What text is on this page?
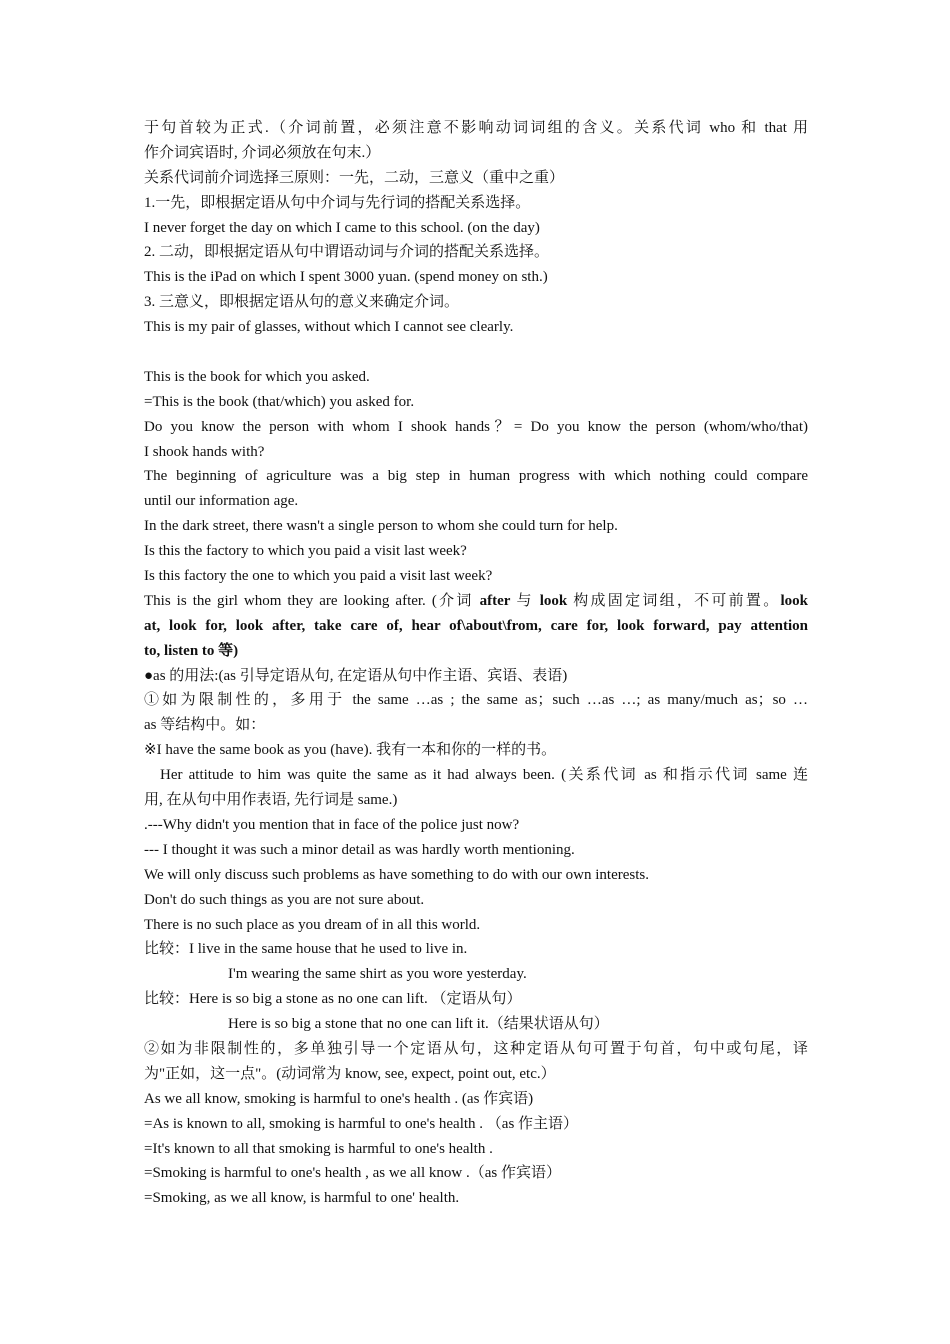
于句首较为正式.（介词前置，必须注意不影响动词词组的含义。关系代词 who 和 that 用
作介词宾语时, 介词必须放在句末.）
关系代词前介词选择三原则：一先，二动，三意义（重中之重）
1.一先，即根据定语从句中介词与先行词的搭配关系选择。
I never forget the day on which I came to this school. (on the day)
2. 二动，即根据定语从句中谓语动词与介词的搭配关系选择。
This is the iPad on which I spent 3000 yuan. (spend money on sth.)
3. 三意义，即根据定语从句的意义来确定介词。
This is my pair of glasses, without which I cannot see clearly.
This is the book for which you asked.
=This is the book (that/which) you asked for.
Do you know the person with whom I shook hands？= Do you know the person (whom/who/that)
I shook hands with?
The beginning of agriculture was a big step in human progress with which nothing could compare
until our information age.
In the dark street, there wasn't a single person to whom she could turn for help.
Is this the factory to which you paid a visit last week?
Is this factory the one to which you paid a visit last week?
This is the girl whom they are looking after. (介词 after 与 look 构成固定词组，不可前置。look
at, look for, look after, take care of, hear of\about\from, care for, look forward, pay attention
to, listen to 等)
●as 的用法:(as 引导定语从句, 在定语从句中作主语、宾语、表语)
①如为限制性的，多用于 the same …as ; the same as；such …as …; as many/much as；so …
as 等结构中。如：
※I have the same book as you (have). 我有一本和你的一样的书。
Her attitude to him was quite the same as it had always been. (关系代词 as 和指示代词 same 连
用, 在从句中用作表语, 先行词是 same.)
.---Why didn't you mention that in face of the police just now?
--- I thought it was such a minor detail as was hardly worth mentioning.
We will only discuss such problems as have something to do with our own interests.
Don't do such things as you are not sure about.
There is no such place as you dream of in all this world.
比较：I live in the same house that he used to live in.
I'm wearing the same shirt as you wore yesterday.
比较：Here is so big a stone as no one can lift. （定语从句）
Here is so big a stone that no one can lift it.（结果状语从句）
②如为非限制性的，多单独引导一个定语从句，这种定语从句可置于句首，句中或句尾，译
为"正如，这一点"。(动词常为 know, see, expect, point out, etc.）
As we all know, smoking is harmful to one's health . (as 作宾语)
=As is known to all, smoking is harmful to one's health . （as 作主语）
=It's known to all that smoking is harmful to one's health .
=Smoking is harmful to one's health , as we all know .（as 作宾语）
=Smoking, as we all know, is harmful to one' health.
